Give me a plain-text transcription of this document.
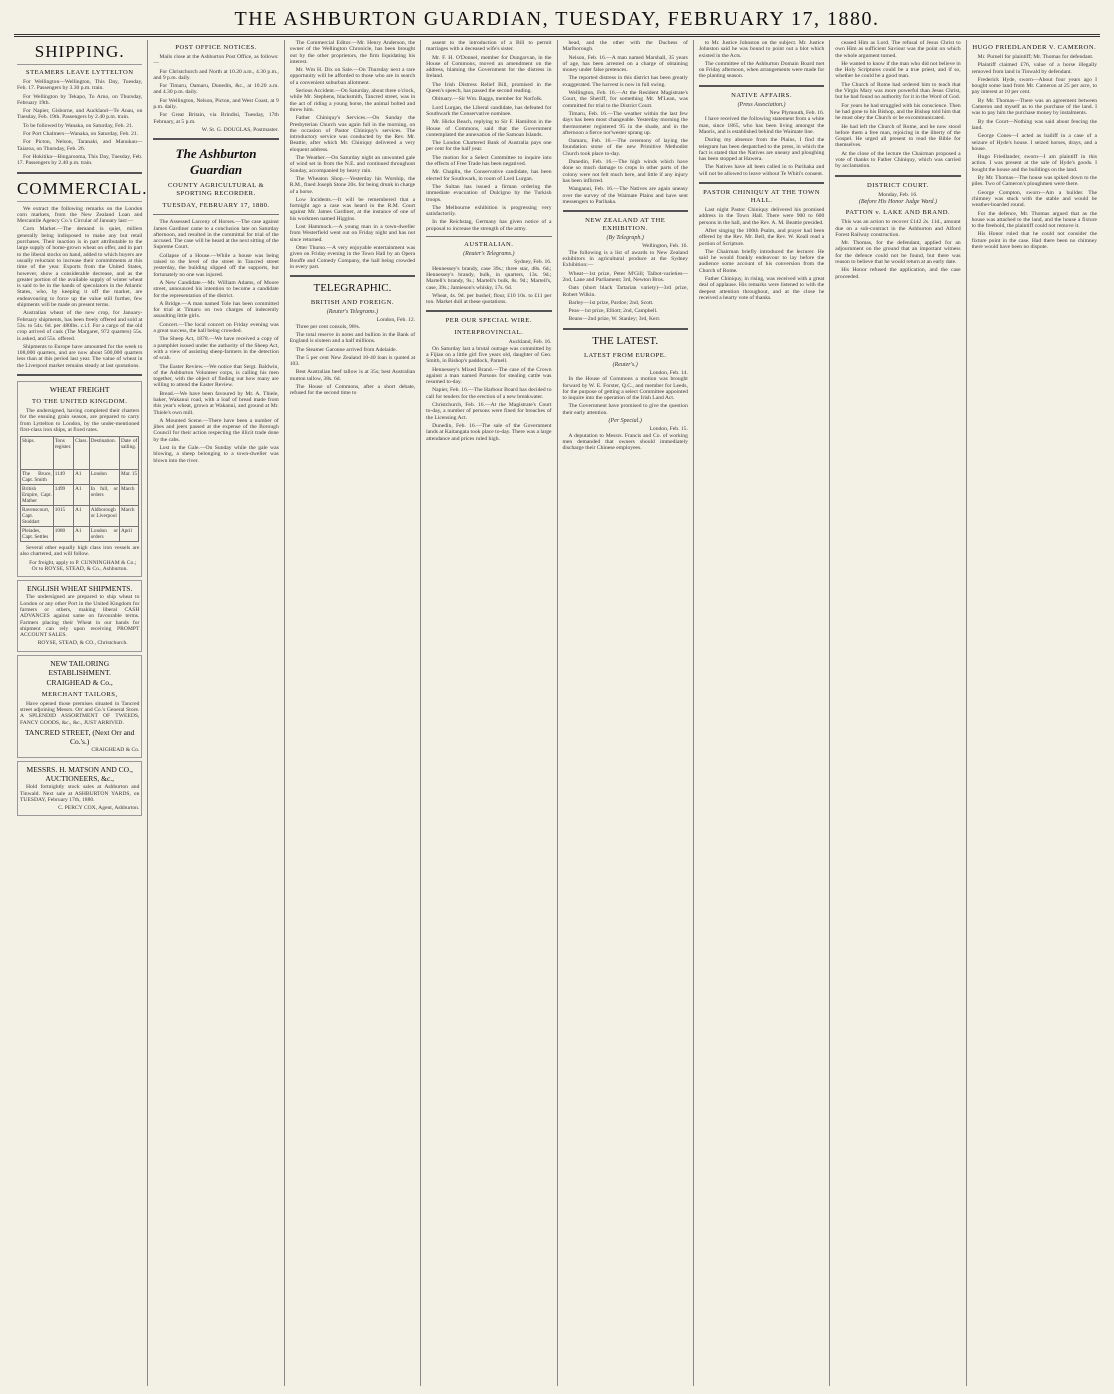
THE ASHBURTON GUARDIAN, TUESDAY, FEBRUARY 17, 1880.
SHIPPING.
STEAMERS LEAVE LYTTELTON

For Wellington—Wellington, This Day, Tuesday, Feb. 17. Passengers by 3.30 p.m. train.

For Wellington by Tekapo, To Arno, on Thursday, February 19th.

For Napier, Gisborne, and Auckland—Te Anau, on Tuesday, Feb. 19th. Passengers by 2.40 p.m. train.

To be followed by Wanaka, on Saturday, Feb. 21.

For Port Chalmers—Wanaka, on Saturday, Feb. 21.

For Picton, Nelson, Taranaki, and Manukau—Taiaroa, on Thursday, Feb. 26.

For Hokitika—Bingarooma, This Day, Tuesday, Feb. 17. Passengers by 2.40 p.m. train.

COMMERCIAL.

We extract the following remarks on the London corn markets, from the New Zealand Loan and Mercantile Agency Co.'s Circular of January last:—

Corn Market.—The demand is quiet, millers generally being indisposed to make any but retail purchases. Their inaction is in part attributable to the large supply of home-grown wheat on offer, and in part to the liberal stocks on hand, added to which buyers are usually reluctant to increase their commitments at this time of the year. Exports from the United States, however, show a considerable decrease, and as the greater portion of the available supply of winter wheat is said to be in the hands of speculators in the Atlantic States, who, by keeping it off the market, are endeavouring to force up the value still further, few shipments will be made on present terms.

Australian wheat of the new crop, for January-February shipments, has been freely offered and sold at 53s. to 54s. 6d. per 480lbs. c.i.f. For a cargo of the old crop arrived of cask (The Margaret, 972 quarters) 55s. is asked, and 55s. offered.

Shipments to Europe have amounted for the week to 108,000 quarters, and are now about 500,000 quarters less than at this period last year. The value of wheat in the Liverpool market remains steady at last quotations.

WHEAT FREIGHT
TO THE UNITED KINGDOM.

The undersigned, having completed their charters for the ensuing grain season, are prepared to carry from Lyttelton to London, by the under-mentioned first-class iron ships, at fixed rates.

Ships.	Tons register.	Class.	Destination.	Date of sailing.
The Bruce, Capt. Smith	1149	A1	London	Mar. 15
British Empire, Capt. Mather	1499	A1	In full, or orders	March
Ravenscourt, Capt. Stoddart	1015	A1	Aldborough or Liverpool	March
Pleiades, Capt. Settles	1080	A1	London or orders	April

Several other equally high class iron vessels are also chartered, and will follow.

For freight, apply to P. CUNNINGHAM & Co.; Or to ROYSE, STEAD, & Co., Ashburton.

ENGLISH WHEAT SHIPMENTS.

The undersigned are prepared to ship wheat to London or any other Port in the United Kingdom for farmers or others, making liberal CASH ADVANCES against same on favourable terms. Farmers placing their Wheat in our hands for shipment can rely upon receiving PROMPT ACCOUNT SALES.

ROYSE, STEAD, & CO., Christchurch.

NEW TAILORING ESTABLISHMENT.
CRAIGHEAD & Co.,
MERCHANT TAILORS,

Have opened those premises situated in Tancred street adjoining Messrs. Orr and Co.'s General Store. A SPLENDID ASSORTMENT OF TWEEDS, FANCY GOODS, &c., &c., JUST ARRIVED.

TANCRED STREET, (Next Orr and Co.'s.)

CRAIGHEAD & Co.

MESSRS. H. MATSON AND CO., AUCTIONEERS, &c.,

Hold fortnightly stock sales at Ashburton and Tinwald. Next sale at ASHBURTON YARDS, on TUESDAY, February 17th, 1880.

C. PERCY COX, Agent, Ashburton.

POST OFFICE NOTICES.

Mails close at the Ashburton Post Office, as follows:—

For Christchurch and North at 10.20 a.m., 4.30 p.m., and 9 p.m. daily.

For Timaru, Oamaru, Dunedin, &c., at 10.20 a.m. and 4.30 p.m. daily.

For Wellington, Nelson, Picton, and West Coast, at 9 p.m. daily.

For Great Britain, via Brindisi, Tuesday, 17th February, at 5 p.m.

W. St. G. DOUGLAS, Postmaster.

The Ashburton Guardian
COUNTY AGRICULTURAL & SPORTING RECORDER.
TUESDAY, FEBRUARY 17, 1880.

The Assessed Larceny of Horses.—The case against James Gardiner came to a conclusion late on Saturday afternoon, and resulted in the committal for trial of the accused. The case will be heard at the next sitting of the Supreme Court.

Collapse of a House.—While a house was being raised to the level of the street in Tancred street yesterday, the building slipped off the supports, but fortunately no one was injured.

A New Candidate.—Mr. William Adams, of Moore street, announced his intention to become a candidate for the representation of the district.

A Bridge.—A man named Tole has been committed for trial at Timaru on two charges of indecently assaulting little girls.

Concert.—The local concert on Friday evening was a great success, the hall being crowded.

The Sheep Act, 1878.—We have received a copy of a pamphlet issued under the authority of the Sheep Act, with a view of assisting sheep-farmers in the detection of scab.

The Easter Review.—We notice that Sergt. Baldwin, of the Ashburton Volunteer corps, is calling his men together, with the object of finding out how many are willing to attend the Easter Review.

Bread.—We have been favoured by Mr. A. Thiele, baker, Wakanui road, with a loaf of bread made from this year's wheat, grown at Wakanui, and ground at Mr. Thiele's own mill.

A Mounted Scene.—There have been a number of jibes and jeers passed at the expense of the Borough Council for their action respecting the illicit trade done by the cabs.

Lost in the Gale.—On Sunday while the gale was blowing, a sheep belonging to a town-dweller was blown into the river.

The Commercial Editor.—Mr. Henry Anderson, the owner of the Wellington Chronicle, has been brought out by the other proprietors, the firm liquidating his interest.

Mr. Wm H. Dix on Sale.—On Thursday next a rare opportunity will be afforded to those who are in search of a convenient suburban allotment.

Serious Accident.—On Saturday, about three o'clock, while Mr. Stephens, blacksmith, Tancred street, was in the act of riding a young horse, the animal bolted and threw him.

Father Chiniquy's Services.—On Sunday the Presbyterian Church was again full in the morning, on the occasion of Pastor Chiniquy's services. The introductory service was conducted by the Rev. Mr. Beattie, after which Mr. Chiniquy delivered a very eloquent address.

The Weather.—On Saturday night an unwonted gale of wind set in from the N.E. and continued throughout Sunday, accompanied by heavy rain.

The Wheaton Shop.—Yesterday his Worship, the R.M., fined Joseph Stone 20s. for being drunk in charge of a horse.

Low Incidents.—It will be remembered that a fortnight ago a case was heard in the R.M. Court against Mr. James Gardiner, at the instance of one of his workmen named Higgins.

Lost Hammock.—A young man in a town-dweller from Westerfield went out on Friday night and has not since returned.

Otter Thurso.—A very enjoyable entertainment was given on Friday evening in the Town Hall by an Opera Bouffe and Comedy Company, the hall being crowded in every part.

TELEGRAPHIC.
BRITISH AND FOREIGN.
(Reuter's Telegrams.)
London, Feb. 12.

Three per cent consols, 98¾.

The total reserve in notes and bullion in the Bank of England is sixteen and a half millions.

The Steamer Garonne arrived from Adelaide.

The 5 per cent New Zealand 10-40 loan is quoted at 103.

Best Australian beef tallow is at 35s; best Australian mutton tallow, 38s. 6d.

The House of Commons, after a short debate, refused for the second time to

assent to the introduction of a Bill to permit marriages with a deceased wife's sister.

Mr. F. H. O'Donnel, member for Dungarvan, in the House of Commons, moved an amendment on the address, blaming the Government for the distress in Ireland.

The Irish Distress Relief Bill, promised in the Queen's speech, has passed the second reading.

Obituary.—Sir Wm. Baggs, member for Norfolk.

Lord Lurgan, the Liberal candidate, has defeated for Southwark the Conservative nominee.

Mr. Hicks Beach, replying to Sir F. Hamilton in the House of Commons, said that the Government contemplated the annexation of the Samoan Islands.

The London Chartered Bank of Australia pays one per cent for the half year.

The motion for a Select Committee to inquire into the effects of Free Trade has been negatived.

Mr. Chaplin, the Conservative candidate, has been elected for Southwark, in room of Lord Lurgan.

The Sultan has issued a firman ordering the immediate evacuation of Dulcigno by the Turkish troops.

The Melbourne exhibition is progressing very satisfactorily.

In the Reichstag, Germany has given notice of a proposal to increase the strength of the army.

AUSTRALIAN.
(Reuter's Telegrams.)
Sydney, Feb. 16.

Hennessey's brandy, case 39s.; three star, 48s. 6d.; Hennessey's brandy, bulk, in quarters, 13s. 9d.; Martell's brandy, 9s.; Martell's bulk, 8s. 9d.; Martell's, case, 39s.; Jamieson's whisky, 17s. 6d.

Wheat, 4s. 9d. per bushel; flour, £10 10s. to £11 per ton. Market dull at these quotations.

PER OUR SPECIAL WIRE.
INTERPROVINCIAL.
Auckland, Feb. 16.

On Saturday last a brutal outrage was committed by a Fijian on a little girl five years old, daughter of Geo. Smith, in Bishop's paddock, Parnell.

Hennessey's Mixed Brand.—The case of the Crown against a man named Parsons for stealing cattle was resumed to-day.

Napier, Feb. 16.—The Harbour Board has decided to call for tenders for the erection of a new breakwater.

Christchurch, Feb. 16.—At the Magistrate's Court to-day, a number of persons were fined for breaches of the Licensing Act.

Dunedin, Feb. 16.—The sale of the Government lands at Kaitangata took place to-day. There was a large attendance and prices ruled high.

head, and the other with the Duchess of Marlborough.

Nelson, Feb. 16.—A man named Marshall, 35 years of age, has been arrested on a charge of obtaining money under false pretences.

The reported distress in this district has been greatly exaggerated. The harvest is now in full swing.

Wellington, Feb. 16.—At the Resident Magistrate's Court, the Sheriff, for something Mr. M'Lean, was committed for trial to the District Court.

Timaru, Feb. 16.—The weather within the last few days has been most changeable. Yesterday morning the thermometer registered 95 in the shade, and in the afternoon a fierce nor'wester sprang up.

Oamaru, Feb. 16.—The ceremony of laying the foundation stone of the new Primitive Methodist Church took place to-day.

Dunedin, Feb. 16.—The high winds which have done so much damage to crops in other parts of the colony were not felt much here, and little if any injury has been inflicted.

Wanganui, Feb. 16.—The Natives are again uneasy over the survey of the Waimate Plains and have sent messengers to Parihaka.

NEW ZEALAND AT THE EXHIBITION.
(By Telegraph.)
Wellington, Feb. 16.

The following is a list of awards to New Zealand exhibitors in agricultural produce at the Sydney Exhibition:—

Wheat—1st prize, Peter M'Gill; Talbot-varieties—2nd, Lane and Parliament; 3rd, Newton Bros.

Oats (short black Tartarian variety)—3rd prize, Robert Wilkin.

Barley—1st prize, Pardoe; 2nd, Scott.

Peas—1st prize, Elliott; 2nd, Campbell.

Beans—2nd prize, W. Stanley; 3rd, Kerr.

THE LATEST.
LATEST FROM EUROPE.
(Reuter's.)
London, Feb. 14.

In the House of Commons a motion was brought forward by W. E. Forster, Q.C., and member for Leeds, for the purpose of getting a select Committee appointed to inquire into the operation of the Irish Land Act.

The Government have promised to give the question their early attention.

(Per Special.)
London, Feb. 15.

A deputation to Messrs. Francis and Co. of working men demanded that owners should immediately discharge their Chinese employees.

to Mr. Justice Johnston on the subject. Mr. Justice Johnston said he was bound to point out a blot which existed in the Acts.

The committee of the Ashburton Domain Board met on Friday afternoon, when arrangements were made for the planting season.

NATIVE AFFAIRS.
(Press Association.)
New Plymouth, Feb. 16.

I have received the following statement from a white man, since 1865, who has been living amongst the Maoris, and is established behind the Waimate line.

During my absence from the Plains, I find the telegram has been despatched to the press, in which the fact is stated that the Natives are uneasy and ploughing has been stopped at Hawera.

The Natives have all been called in to Parihaka and will not be allowed to leave without Te Whiti's consent.

PASTOR CHINIQUY AT THE TOWN HALL.

Last night Pastor Chiniquy delivered his promised address in the Town Hall. There were 900 to 600 persons in the hall, and the Rev. A. M. Beattie presided.

After singing the 100th Psalm, and prayer had been offered by the Rev. Mr. Bell, the Rev. W. Keall read a portion of Scripture.

The Chairman briefly introduced the lecturer. He said he would frankly endeavour to lay before the audience some account of his conversion from the Church of Rome.

Father Chiniquy, in rising, was received with a great deal of applause. His remarks were listened to with the deepest attention throughout, and at the close he received a hearty vote of thanks.

ceased Him as Lord. The refusal of Jesus Christ to own Him as sufficient Saviour was the point on which the whole argument turned.

He wanted to know if the man who did not believe in the Holy Scriptures could be a true priest, and if so, whether he could be a good man.

The Church of Rome had ordered him to teach that the Virgin Mary was more powerful than Jesus Christ, but he had found no authority for it in the Word of God.

For years he had struggled with his conscience. Then he had gone to his Bishop, and the Bishop told him that he must obey the Church or be excommunicated.

He had left the Church of Rome, and he now stood before them a free man, rejoicing in the liberty of the Gospel. He urged all present to read the Bible for themselves.

At the close of the lecture the Chairman proposed a vote of thanks to Father Chiniquy, which was carried by acclamation.

DISTRICT COURT.
Monday, Feb. 16.
(Before His Honor Judge Ward.)
PATTON v. LAKE AND BRAND.

This was an action to recover £142 2s. 11d., amount due on a sub-contract in the Ashburton and Alford Forest Railway construction.

Mr. Thomas, for the defendant, applied for an adjournment on the ground that an important witness for the defence could not be found, but there was reason to believe that he would return at an early date.

His Honor refused the application, and the case proceeded.

HUGO FRIEDLANDER V. CAMERON.

Mr. Purnell for plaintiff; Mr. Thomas for defendant.

Plaintiff claimed £76, value of a horse illegally removed from land in Tinwald by defendant.

Frederick Hyde, sworn—About four years ago I bought some land from Mr. Cameron at 25 per acre, to pay interest at 10 per cent.

By Mr. Thomas—There was an agreement between Cameron and myself as to the purchase of the land. I was to pay him the purchase money by instalments.

By the Court—Nothing was said about fencing the land.

George Cones—I acted as bailiff in a case of a seizure of Hyde's house. I seized horses, drays, and a house.

Hugo Friedlander, sworn—I am plaintiff in this action. I was present at the sale of Hyde's goods. I bought the house and the buildings on the land.

By Mr. Thomas—The house was spiked down to the piles. Two of Cameron's ploughmen were there.

George Compton, sworn—Am a builder. The chimney was stuck with the stable and would be weather-boarded round.

For the defence, Mr. Thomas argued that as the house was attached to the land, and the house a fixture to the freehold, the plaintiff could not remove it.

His Honor ruled that he could not consider the fixture point in the case. Had there been no chimney there would have been no dispute.
